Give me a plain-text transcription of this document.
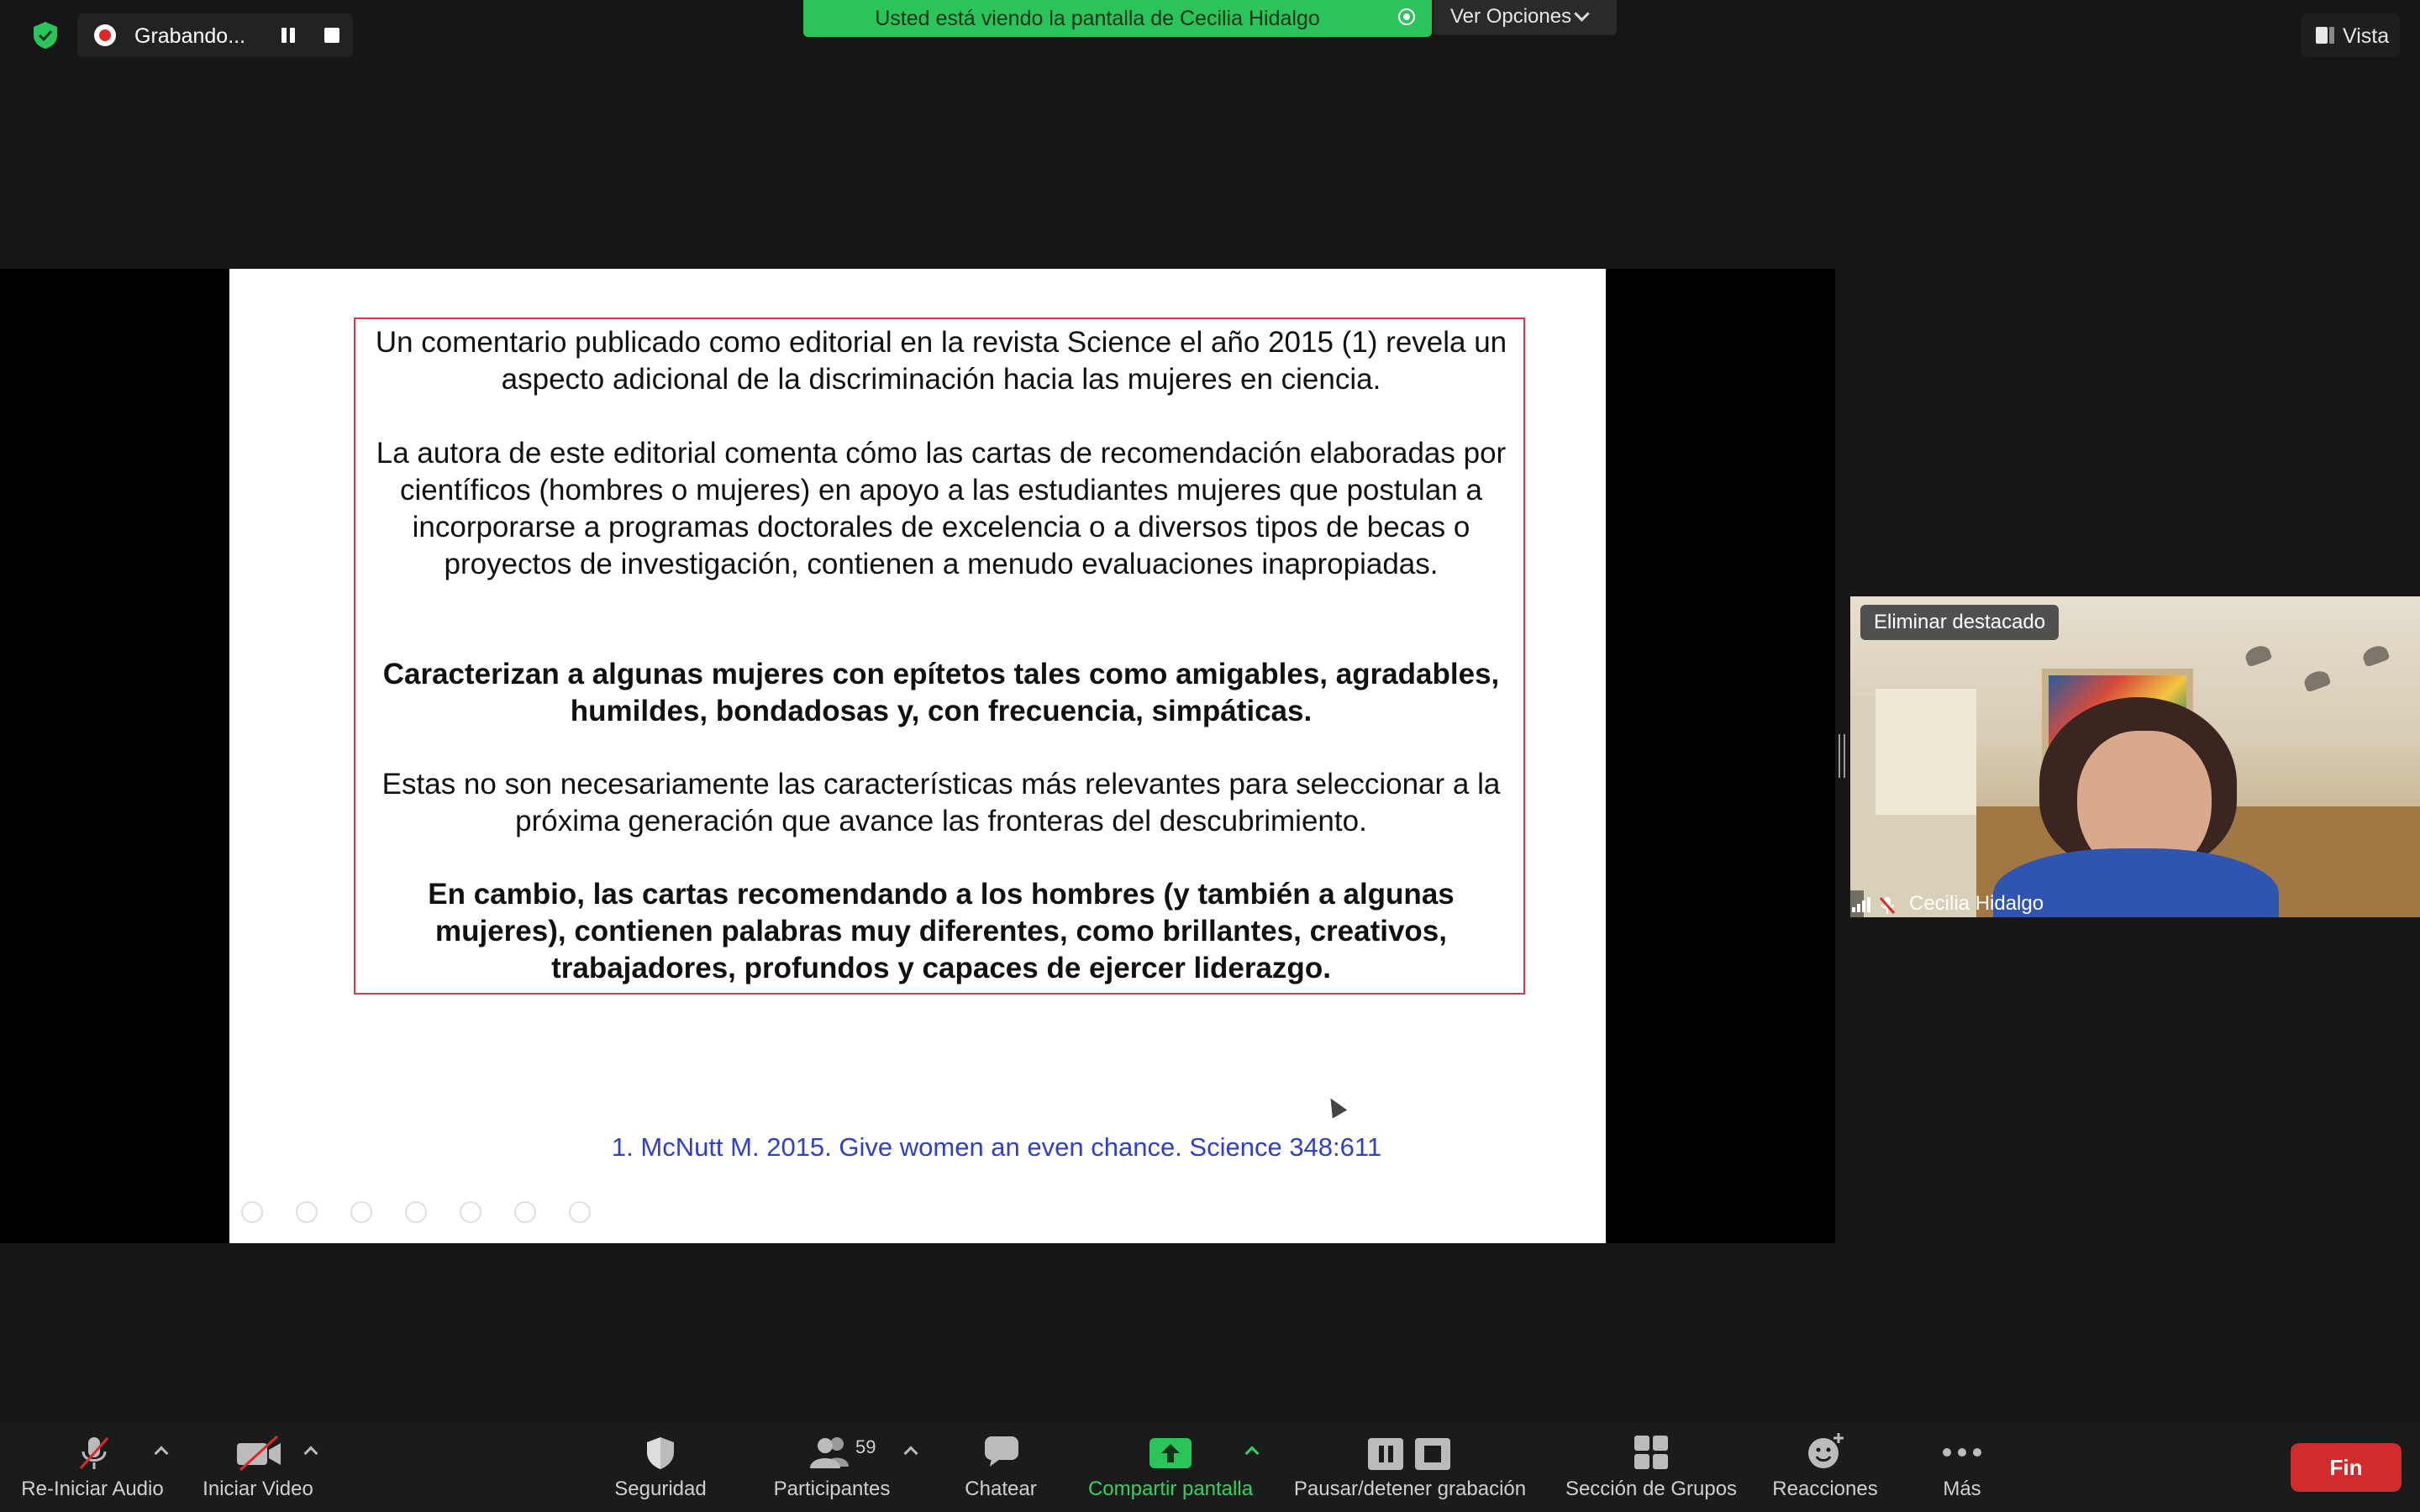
Grabando...
Usted está viendo la pantalla de Cecilia Hidalgo	Ver Opciones
Vista
Un comentario publicado como editorial en la revista Science el año 2015 (1) revela un aspecto adicional de la discriminación hacia las mujeres en ciencia.
La autora de este editorial comenta cómo las cartas de recomendación elaboradas por científicos (hombres o mujeres) en apoyo a las estudiantes mujeres que postulan a incorporarse a programas doctorales de excelencia o a diversos tipos de becas o proyectos de investigación, contienen a menudo evaluaciones inapropiadas.
Caracterizan a algunas mujeres con epítetos tales como amigables, agradables, humildes, bondadosas y, con frecuencia, simpáticas.
Estas no son necesariamente las características más relevantes para seleccionar a la próxima generación que avance las fronteras del descubrimiento.
En cambio, las cartas recomendando a los hombres (y también a algunas mujeres), contienen palabras muy diferentes, como brillantes, creativos, trabajadores, profundos y capaces de ejercer liderazgo.
1. McNutt M. 2015. Give women an even chance. Science 348:611
Eliminar destacado
Cecilia Hidalgo
Re-Iniciar Audio Iniciar Video	Seguridad
59
Participantes	Chatear	Compartir pantalla	Pausar/detener grabación	Sección de Grupos	Reacciones	Más
Fin
